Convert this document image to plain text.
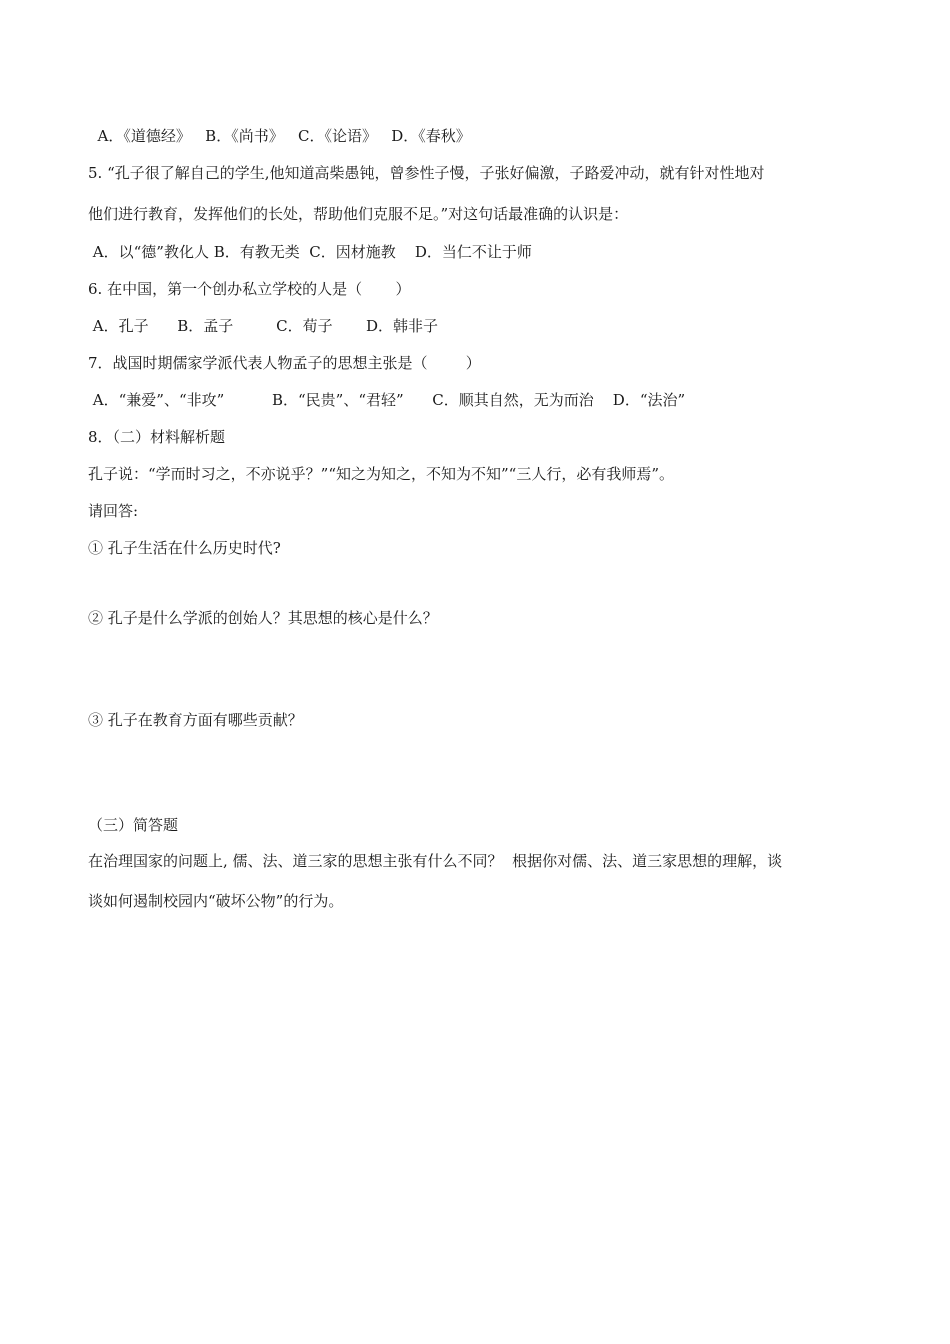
A．《道德经》   B．《尚书》   C．《论语》   D．《春秋》
5. “孔子很了解自己的学生,他知道高柴愚钝，曾参性子慢，子张好偏激，子路爱冲动，就有针对性地对
他们进行教育，发挥他们的长处，帮助他们克服不足。”对这句话最准确的认识是：
A．以“德”教化人 B．有教无类  C．因材施教    D．当仁不让于师
6. 在中国，第一个创办私立学校的人是（       ）
A．孔子      B．孟子         C．荀子       D．韩非子
7．战国时期儒家学派代表人物孟子的思想主张是（        ）
A．“兼爱”、“非攻”          B．“民贵”、“君轻”      C．顺其自然，无为而治    D．“法治”
8．（二）材料解析题
孔子说：“学而时习之，不亦说乎？”“知之为知之，不知为不知”“三人行，必有我师焉”。
请回答:
① 孔子生活在什么历史时代?
② 孔子是什么学派的创始人？其思想的核心是什么？
③ 孔子在教育方面有哪些贡献？
（三）简答题
在治理国家的问题上, 儒、法、道三家的思想主张有什么不同？  根据你对儒、法、道三家思想的理解，谈
谈如何遏制校园内“破坏公物”的行为。
